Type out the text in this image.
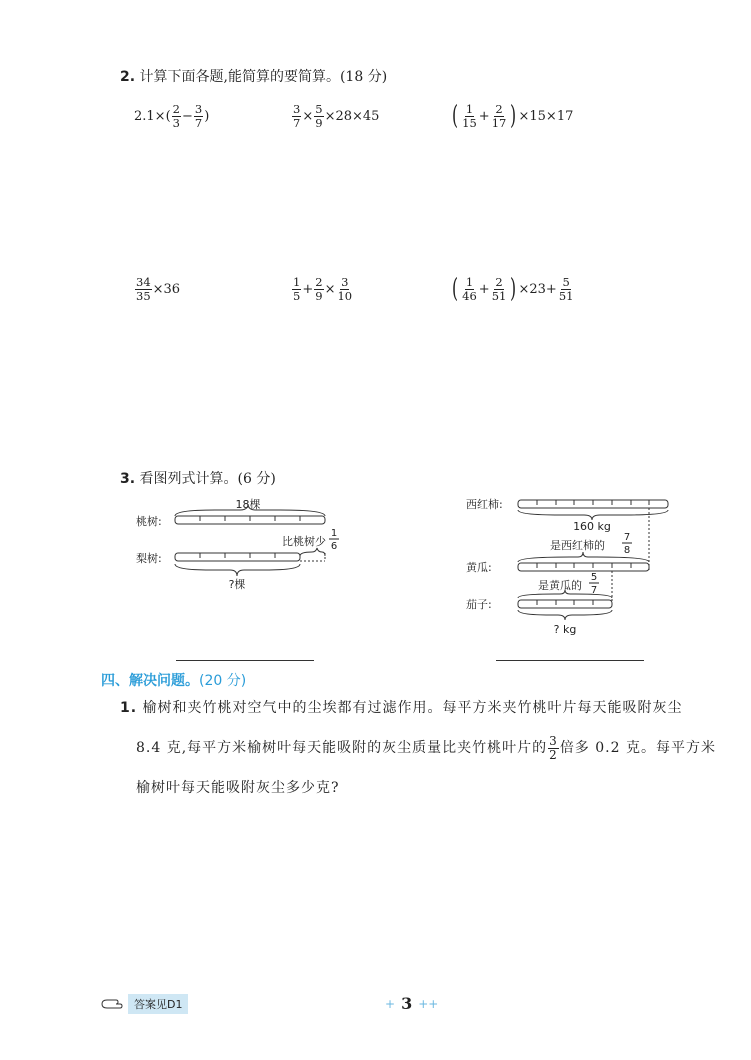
2. 计算下面各题,能简算的要简算。(18 分)
$2.1\times( \frac{2}{3} - \frac{3}{7}$ )	$\frac{3}{7} \times \frac{5}{9} \times 28\times 45$	( $\frac{1}{15} + \frac{2}{17}$ ) ×15×17
$\frac{34}{35} \times 36$	$\frac{1}{5} + \frac{2}{9} \times \frac{3}{10}$	( $\frac{1}{46} + \frac{2}{51}$ ) $\times 23+ \frac{5}{51}$
3. 看图列式计算。(6 分)
18棵
桃树:
比桃树少
1
6
梨树:
?棵
西红柿:
160 kg
是西红柿的
7
8
黄瓜:
是黄瓜的
5
7
茄子:
? kg
四、解决问题。(20 分)
1. 榆树和夹竹桃对空气中的尘埃都有过滤作用。每平方米夹竹桃叶片每天能吸附灰尘
8.4 克,每平方米榆树叶每天能吸附的灰尘质量比夹竹桃叶片的 $\frac{3}{2}$ 倍多 0.2 克。每平方米
榆树叶每天能吸附灰尘多少克?
答案见D1	+ 3 ++
